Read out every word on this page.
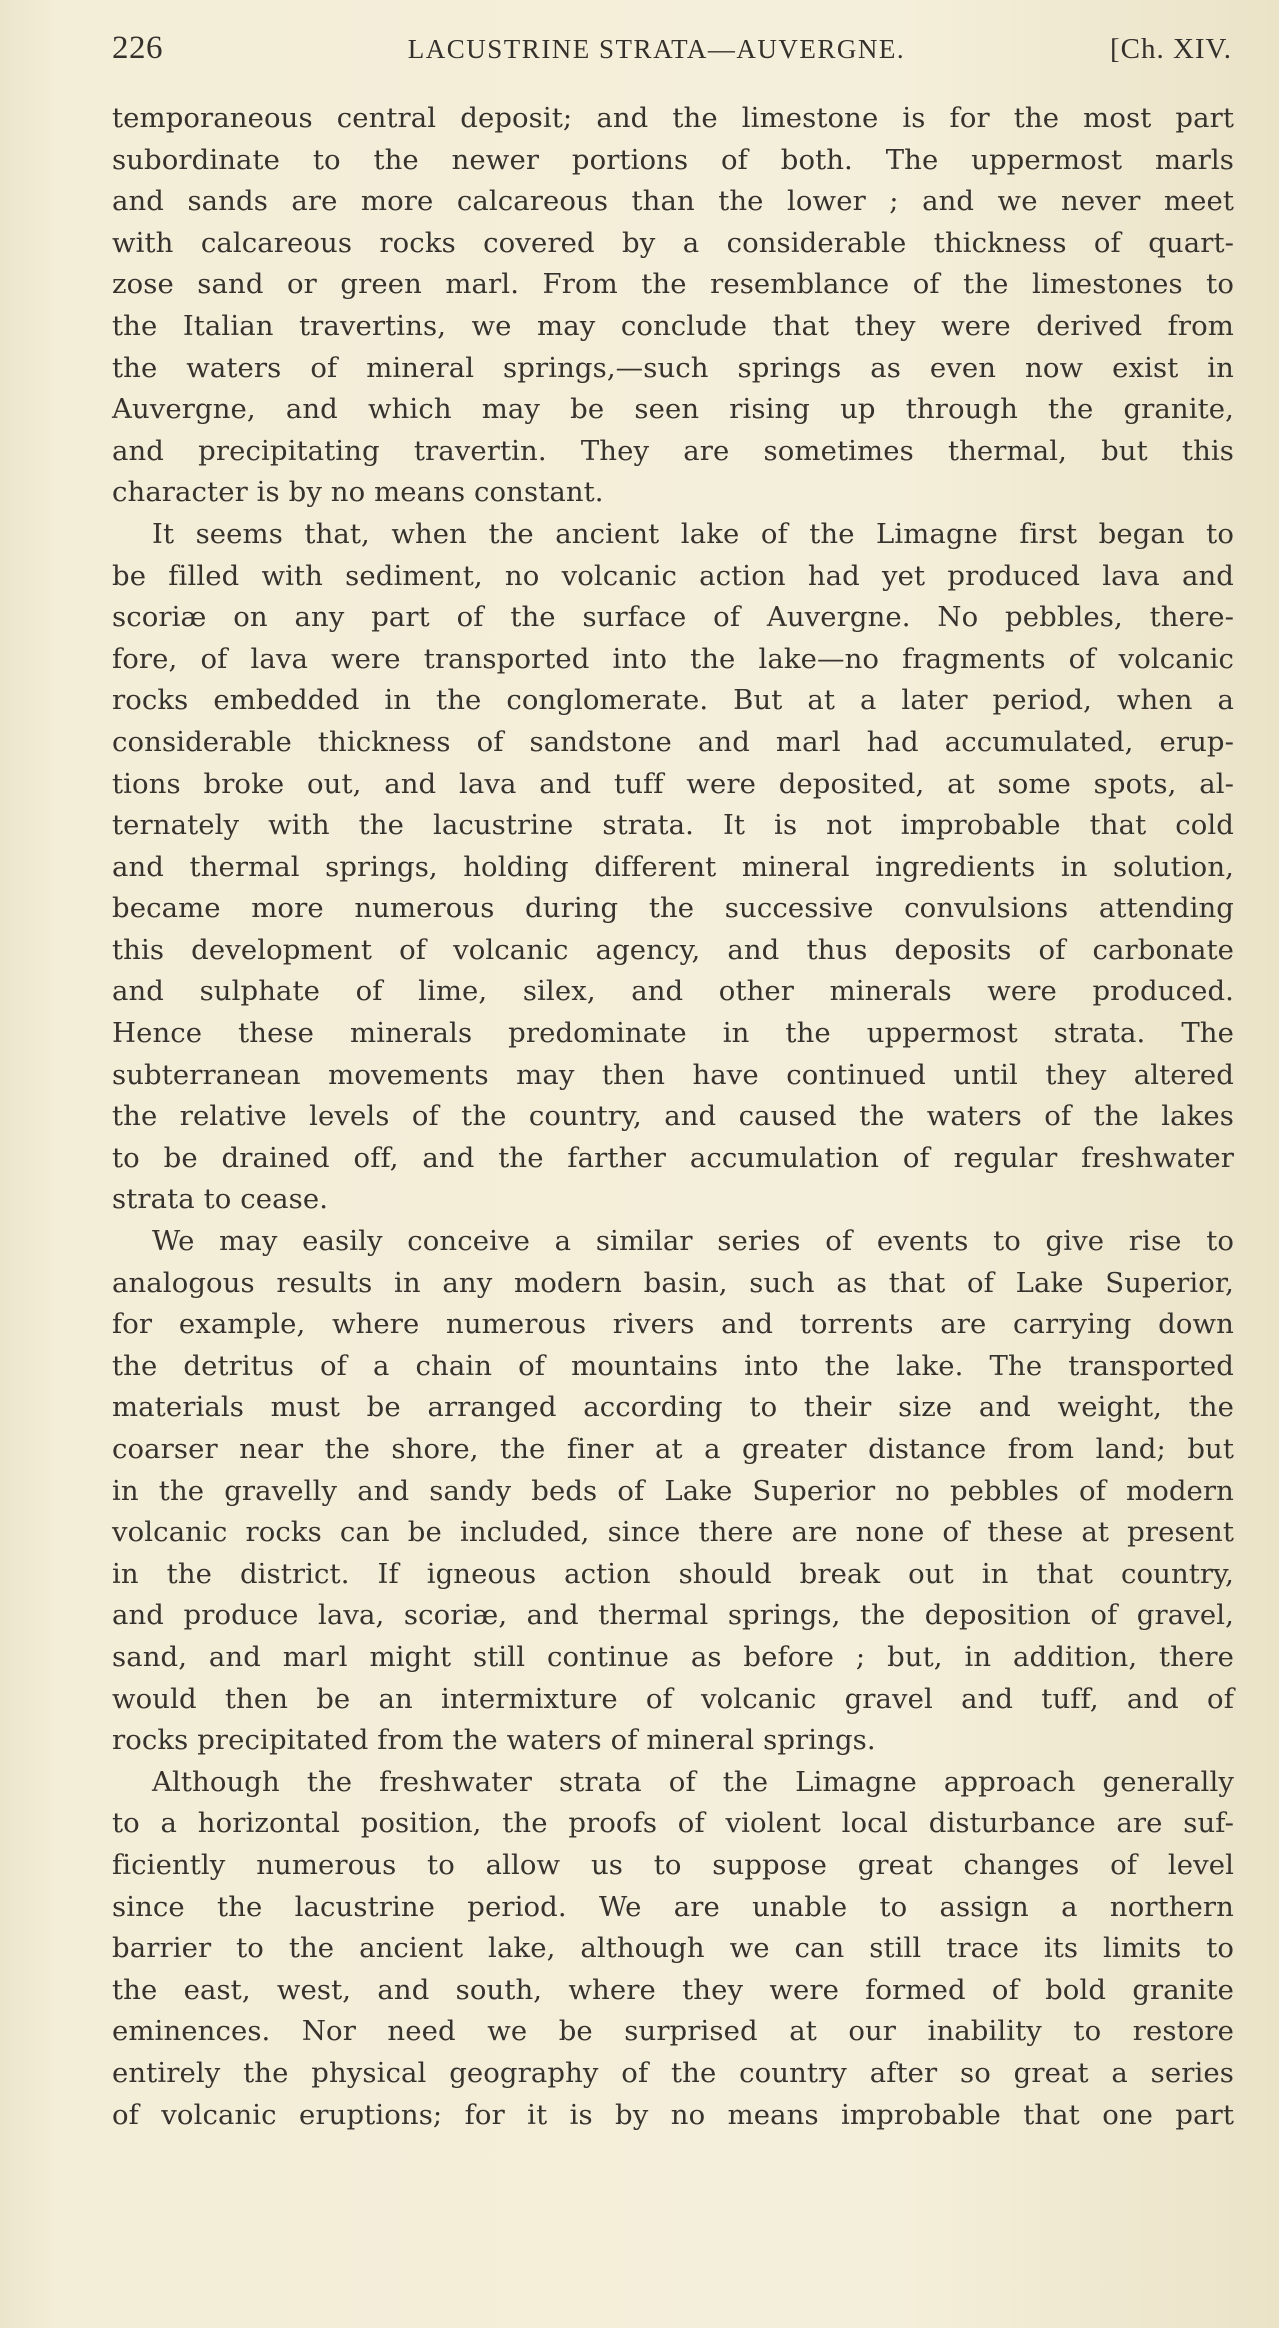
226	LACUSTRINE STRATA—AUVERGNE.	[Ch. XIV.
temporaneous central deposit; and the limestone is for the most part
subordinate to the newer portions of both. The uppermost marls
and sands are more calcareous than the lower ; and we never meet
with calcareous rocks covered by a considerable thickness of quart-
zose sand or green marl. From the resemblance of the limestones to
the Italian travertins, we may conclude that they were derived from
the waters of mineral springs,—such springs as even now exist in
Auvergne, and which may be seen rising up through the granite,
and precipitating travertin. They are sometimes thermal, but this
character is by no means constant.
It seems that, when the ancient lake of the Limagne first began to
be filled with sediment, no volcanic action had yet produced lava and
scoriæ on any part of the surface of Auvergne. No pebbles, there-
fore, of lava were transported into the lake—no fragments of volcanic
rocks embedded in the conglomerate. But at a later period, when a
considerable thickness of sandstone and marl had accumulated, erup-
tions broke out, and lava and tuff were deposited, at some spots, al-
ternately with the lacustrine strata. It is not improbable that cold
and thermal springs, holding different mineral ingredients in solution,
became more numerous during the successive convulsions attending
this development of volcanic agency, and thus deposits of carbonate
and sulphate of lime, silex, and other minerals were produced.
Hence these minerals predominate in the uppermost strata. The
subterranean movements may then have continued until they altered
the relative levels of the country, and caused the waters of the lakes
to be drained off, and the farther accumulation of regular freshwater
strata to cease.
We may easily conceive a similar series of events to give rise to
analogous results in any modern basin, such as that of Lake Superior,
for example, where numerous rivers and torrents are carrying down
the detritus of a chain of mountains into the lake. The transported
materials must be arranged according to their size and weight, the
coarser near the shore, the finer at a greater distance from land; but
in the gravelly and sandy beds of Lake Superior no pebbles of modern
volcanic rocks can be included, since there are none of these at present
in the district. If igneous action should break out in that country,
and produce lava, scoriæ, and thermal springs, the deposition of gravel,
sand, and marl might still continue as before ; but, in addition, there
would then be an intermixture of volcanic gravel and tuff, and of
rocks precipitated from the waters of mineral springs.
Although the freshwater strata of the Limagne approach generally
to a horizontal position, the proofs of violent local disturbance are suf-
ficiently numerous to allow us to suppose great changes of level
since the lacustrine period. We are unable to assign a northern
barrier to the ancient lake, although we can still trace its limits to
the east, west, and south, where they were formed of bold granite
eminences. Nor need we be surprised at our inability to restore
entirely the physical geography of the country after so great a series
of volcanic eruptions; for it is by no means improbable that one part
